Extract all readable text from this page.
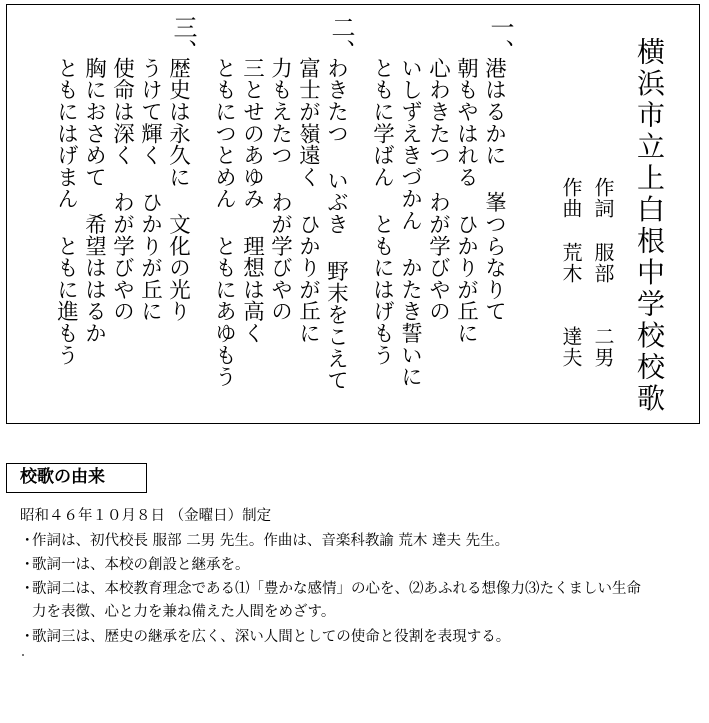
横浜市立上白根中学校校歌
作詞
服部二男
作曲
荒木達夫
一、
港はるかに 峯つらなりて
朝もやはれる ひかりが丘に
心わきたつ わが学びやの
いしずえきづかん かたき誓いに
ともに学ばん ともにはげもう
二、
わきたつ いぶき 野末をこえて
富士が嶺遠く ひかりが丘に
力もえたつ わが学びやの
三とせのあゆみ 理想は高く
ともにつとめん ともにあゆもう
三、
歴史は永久に 文化の光り
うけて輝く ひかりが丘に
使命は深く わが学びやの
胸におさめて 希望ははるか
ともにはげまん ともに進もう
校歌の由来
昭和４６年１０月８日 （金曜日）制定
・
作詞は、初代校長 服部 二男 先生。作曲は、音楽科教諭 荒木 達夫 先生。
・
歌詞一は、本校の創設と継承を。
・
歌詞二は、本校教育理念である⑴「豊かな感情」の心を、⑵あふれる想像力⑶たくましい生命
力を表徴、心と力を兼ね備えた人間をめざす。
・
歌詞三は、歴史の継承を広く、深い人間としての使命と役割を表現する。
